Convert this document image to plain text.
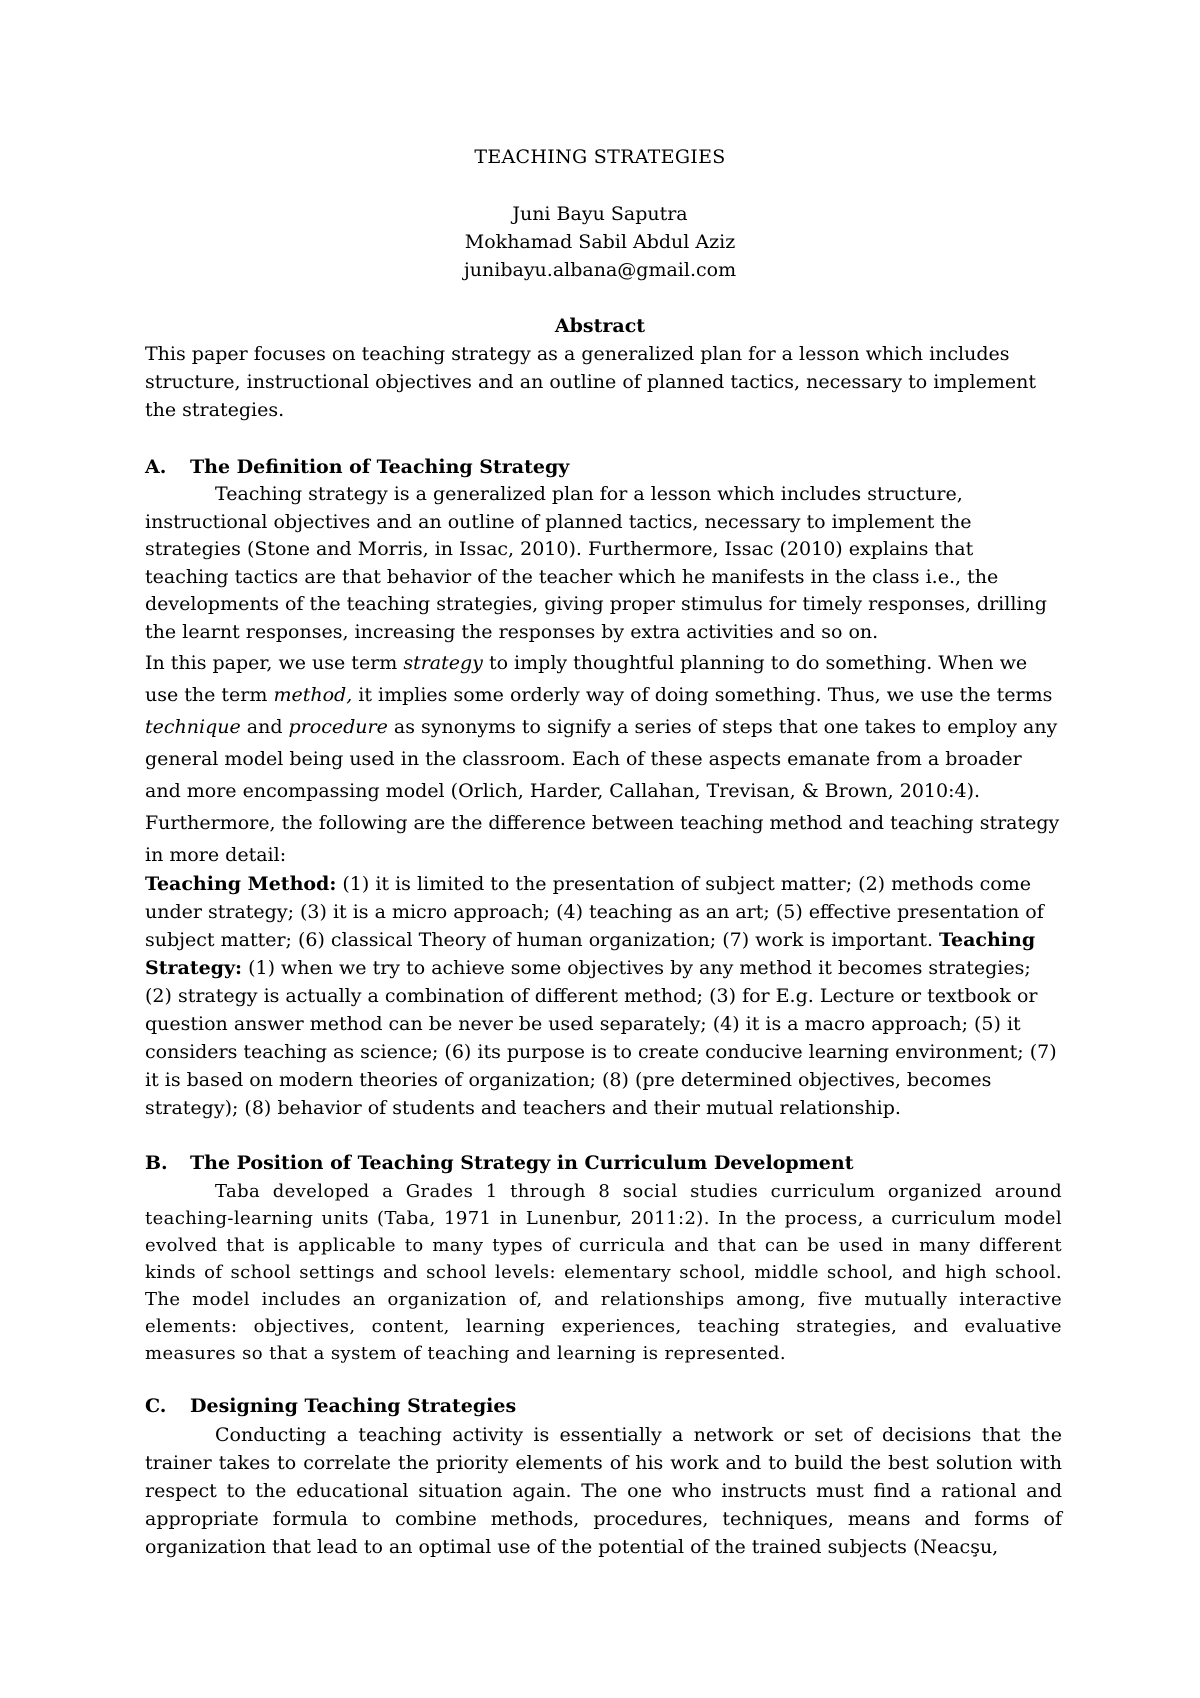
TEACHING STRATEGIES
Juni Bayu Saputra
Mokhamad Sabil Abdul Aziz
junibayu.albana@gmail.com
Abstract
This paper focuses on teaching strategy as a generalized plan for a lesson which includes structure, instructional objectives and an outline of planned tactics, necessary to implement the strategies.
A. The Definition of Teaching Strategy
Teaching strategy is a generalized plan for a lesson which includes structure, instructional objectives and an outline of planned tactics, necessary to implement the strategies (Stone and Morris, in Issac, 2010). Furthermore, Issac (2010) explains that teaching tactics are that behavior of the teacher which he manifests in the class i.e., the developments of the teaching strategies, giving proper stimulus for timely responses, drilling the learnt responses, increasing the responses by extra activities and so on.
In this paper, we use term strategy to imply thoughtful planning to do something. When we use the term method, it implies some orderly way of doing something. Thus, we use the terms technique and procedure as synonyms to signify a series of steps that one takes to employ any general model being used in the classroom. Each of these aspects emanate from a broader and more encompassing model (Orlich, Harder, Callahan, Trevisan, & Brown, 2010:4). Furthermore, the following are the difference between teaching method and teaching strategy in more detail:
Teaching Method: (1) it is limited to the presentation of subject matter; (2) methods come under strategy; (3) it is a micro approach; (4) teaching as an art; (5) effective presentation of subject matter; (6) classical Theory of human organization; (7) work is important. Teaching Strategy: (1) when we try to achieve some objectives by any method it becomes strategies; (2) strategy is actually a combination of different method; (3) for E.g. Lecture or textbook or question answer method can be never be used separately; (4) it is a macro approach; (5) it considers teaching as science; (6) its purpose is to create conducive learning environment; (7) it is based on modern theories of organization; (8) (pre determined objectives, becomes strategy); (8) behavior of students and teachers and their mutual relationship.
B. The Position of Teaching Strategy in Curriculum Development
Taba developed a Grades 1 through 8 social studies curriculum organized around teaching-learning units (Taba, 1971 in Lunenbur, 2011:2). In the process, a curriculum model evolved that is applicable to many types of curricula and that can be used in many different kinds of school settings and school levels: elementary school, middle school, and high school. The model includes an organization of, and relationships among, five mutually interactive elements: objectives, content, learning experiences, teaching strategies, and evaluative measures so that a system of teaching and learning is represented.
C. Designing Teaching Strategies
Conducting a teaching activity is essentially a network or set of decisions that the trainer takes to correlate the priority elements of his work and to build the best solution with respect to the educational situation again. The one who instructs must find a rational and appropriate formula to combine methods, procedures, techniques, means and forms of organization that lead to an optimal use of the potential of the trained subjects (Neacşu,
